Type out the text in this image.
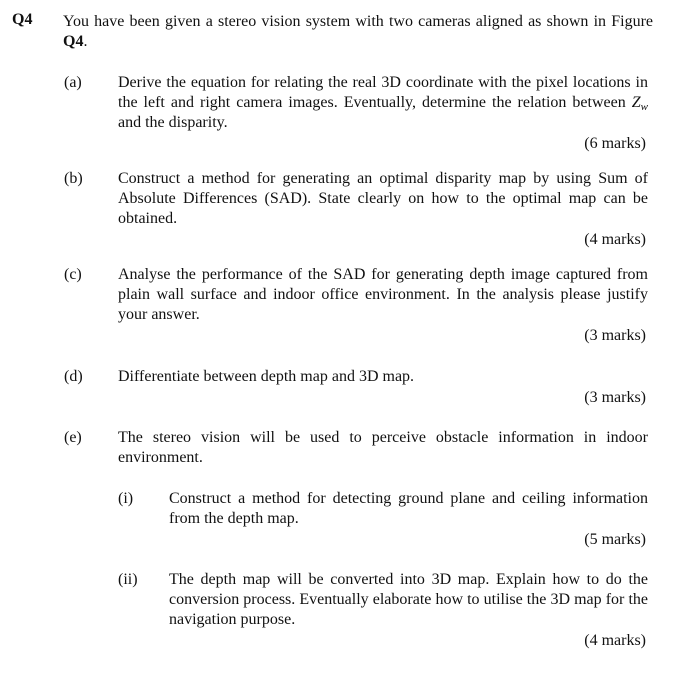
Q4 You have been given a stereo vision system with two cameras aligned as shown in Figure Q4.
(a) Derive the equation for relating the real 3D coordinate with the pixel locations in the left and right camera images. Eventually, determine the relation between $Z_w$ and the disparity.
(6 marks)
(b) Construct a method for generating an optimal disparity map by using Sum of Absolute Differences (SAD). State clearly on how to the optimal map can be obtained.
(4 marks)
(c) Analyse the performance of the SAD for generating depth image captured from plain wall surface and indoor office environment. In the analysis please justify your answer.
(3 marks)
(d) Differentiate between depth map and 3D map.
(3 marks)
(e) The stereo vision will be used to perceive obstacle information in indoor environment.
(i) Construct a method for detecting ground plane and ceiling information from the depth map.
(5 marks)
(ii) The depth map will be converted into 3D map. Explain how to do the conversion process. Eventually elaborate how to utilise the 3D map for the navigation purpose.
(4 marks)
